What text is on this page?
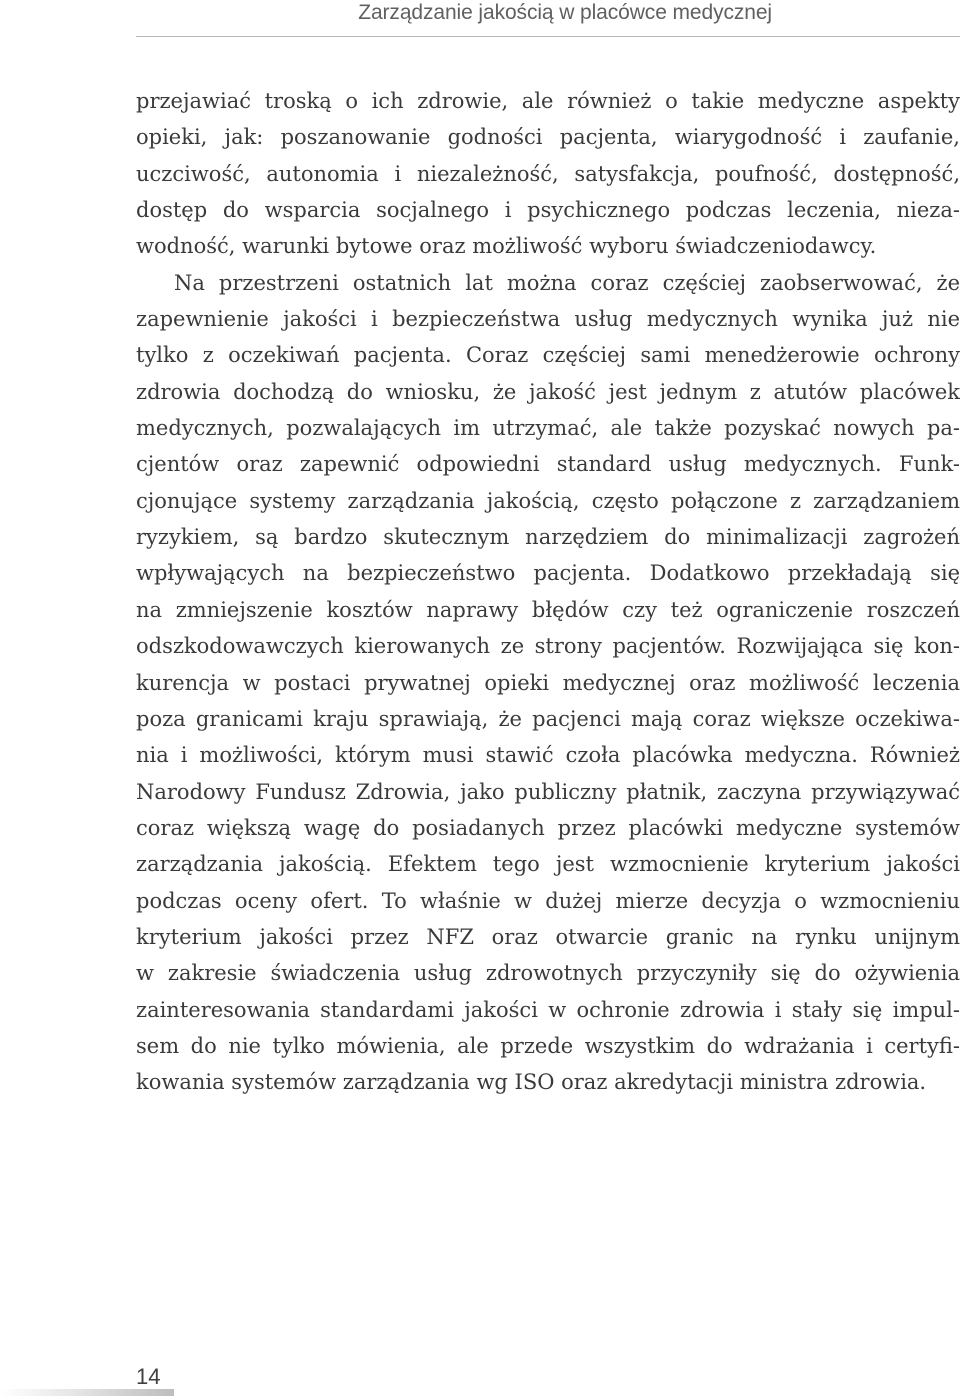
Zarządzanie jakością w placówce medycznej
przejawiać troską o ich zdrowie, ale również o takie medyczne aspekty
opieki, jak: poszanowanie godności pacjenta, wiarygodność i zaufanie,
uczciwość, autonomia i niezależność, satysfakcja, poufność, dostępność,
dostęp do wsparcia socjalnego i psychicznego podczas leczenia, nieza-
wodność, warunki bytowe oraz możliwość wyboru świadczeniodawcy.
Na przestrzeni ostatnich lat można coraz częściej zaobserwować, że
zapewnienie jakości i bezpieczeństwa usług medycznych wynika już nie
tylko z oczekiwań pacjenta. Coraz częściej sami menedżerowie ochrony
zdrowia dochodzą do wniosku, że jakość jest jednym z atutów placówek
medycznych, pozwalających im utrzymać, ale także pozyskać nowych pa-
cjentów oraz zapewnić odpowiedni standard usług medycznych. Funk-
cjonujące systemy zarządzania jakością, często połączone z zarządzaniem
ryzykiem, są bardzo skutecznym narzędziem do minimalizacji zagrożeń
wpływających na bezpieczeństwo pacjenta. Dodatkowo przekładają się
na zmniejszenie kosztów naprawy błędów czy też ograniczenie roszczeń
odszkodowawczych kierowanych ze strony pacjentów. Rozwijająca się kon-
kurencja w postaci prywatnej opieki medycznej oraz możliwość leczenia
poza granicami kraju sprawiają, że pacjenci mają coraz większe oczekiwa-
nia i możliwości, którym musi stawić czoła placówka medyczna. Również
Narodowy Fundusz Zdrowia, jako publiczny płatnik, zaczyna przywiązywać
coraz większą wagę do posiadanych przez placówki medyczne systemów
zarządzania jakością. Efektem tego jest wzmocnienie kryterium jakości
podczas oceny ofert. To właśnie w dużej mierze decyzja o wzmocnieniu
kryterium jakości przez NFZ oraz otwarcie granic na rynku unijnym
w zakresie świadczenia usług zdrowotnych przyczyniły się do ożywienia
zainteresowania standardami jakości w ochronie zdrowia i stały się impul-
sem do nie tylko mówienia, ale przede wszystkim do wdrażania i certyfi-
kowania systemów zarządzania wg ISO oraz akredytacji ministra zdrowia.
14
